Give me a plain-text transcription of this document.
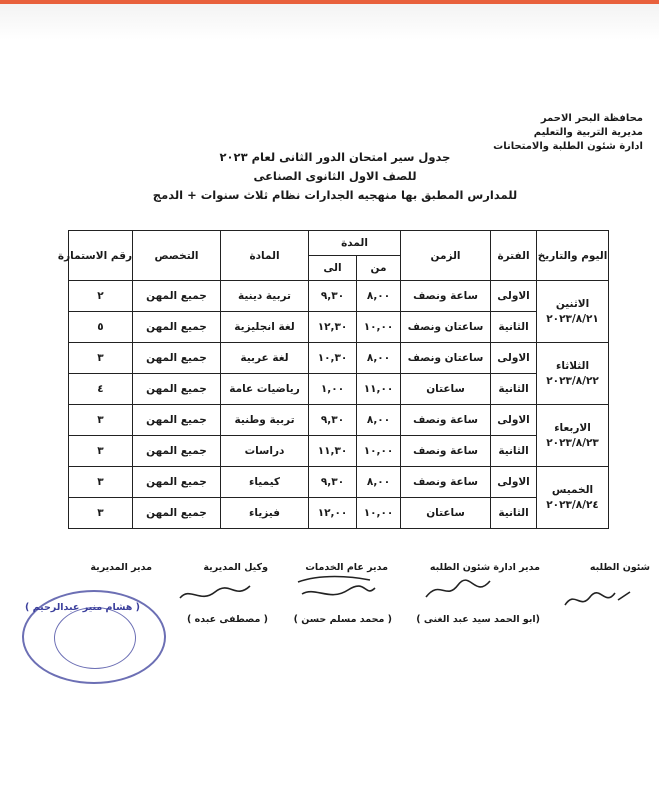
محافظة البحر الاحمر
مديرية التربية والتعليم
ادارة شئون الطلبة والامتحانات
جدول سير امتحان الدور الثانى لعام ٢٠٢٣
للصف الاول الثانوى الصناعى
للمدارس المطبق بها منهجيه الجدارات نظام ثلاث سنوات + الدمج
اليوم والتاريخ	الفترة	الزمن	المدة		المادة	التخصص	رقم الاستمارة
			من	الى			

الاثنين
٢٠٢٣/٨/٢١	الاولى	ساعة ونصف	٨,٠٠	٩,٣٠	تربية دينية	جميع المهن	٢
	الثانية	ساعتان ونصف	١٠,٠٠	١٢,٣٠	لغة انجليزية	جميع المهن	٥

الثلاثاء
٢٠٢٣/٨/٢٢	الاولى	ساعتان ونصف	٨,٠٠	١٠,٣٠	لغة عربية	جميع المهن	٣
	الثانية	ساعتان	١١,٠٠	١,٠٠	رياضيات عامة	جميع المهن	٤

الاربعاء
٢٠٢٣/٨/٢٣	الاولى	ساعة ونصف	٨,٠٠	٩,٣٠	تربية وطنية	جميع المهن	٣
	الثانية	ساعة ونصف	١٠,٠٠	١١,٣٠	دراسات	جميع المهن	٣

الخميس
٢٠٢٣/٨/٢٤	الاولى	ساعة ونصف	٨,٠٠	٩,٣٠	كيمياء	جميع المهن	٣
	الثانية	ساعتان	١٠,٠٠	١٢,٠٠	فيزياء	جميع المهن	٣
شئون الطلبه
مدير ادارة شئون الطلبه
مدير عام الخدمات
وكيل المديرية
مدير المديرية
(ابو الحمد سيد عبد الغنى )
( محمد مسلم حسن )
( مصطفى عبده )
( هشام منير عبدالرحيم )
